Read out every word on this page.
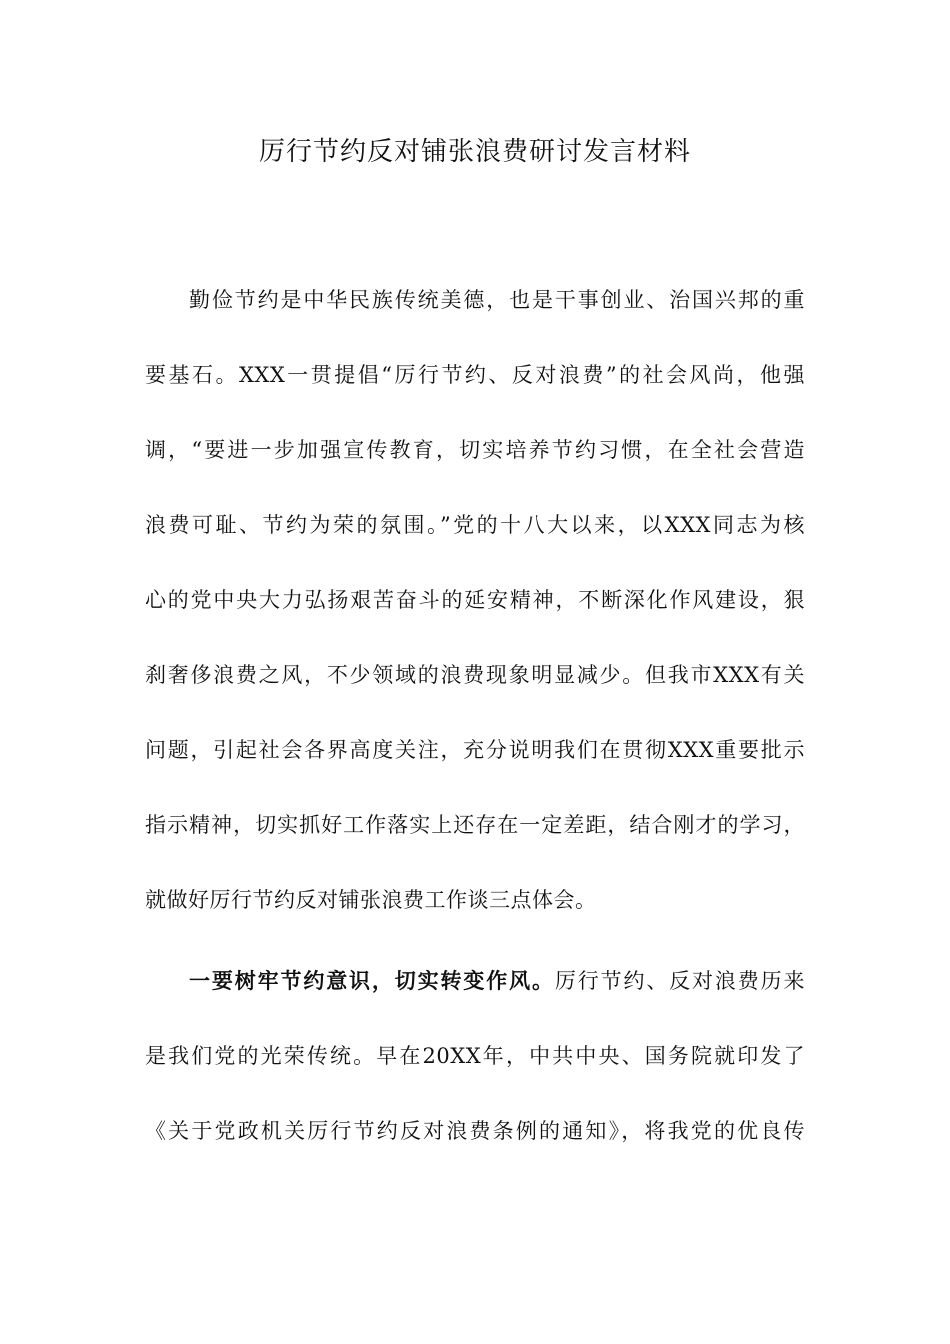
厉行节约反对铺张浪费研讨发言材料
勤俭节约是中华民族传统美德，也是干事创业、治国兴邦的重
要基石。XXX一贯提倡“厉行节约、反对浪费”的社会风尚，他强
调，“要进一步加强宣传教育，切实培养节约习惯，在全社会营造
浪费可耻、节约为荣的氛围。”党的十八大以来，以XXX同志为核
心的党中央大力弘扬艰苦奋斗的延安精神，不断深化作风建设，狠
刹奢侈浪费之风，不少领域的浪费现象明显减少。但我市XXX有关
问题，引起社会各界高度关注，充分说明我们在贯彻XXX重要批示
指示精神，切实抓好工作落实上还存在一定差距，结合刚才的学习，
就做好厉行节约反对铺张浪费工作谈三点体会。
一要树牢节约意识，切实转变作风。厉行节约、反对浪费历来
是我们党的光荣传统。早在20XX年，中共中央、国务院就印发了
《关于党政机关厉行节约反对浪费条例的通知》，将我党的优良传
